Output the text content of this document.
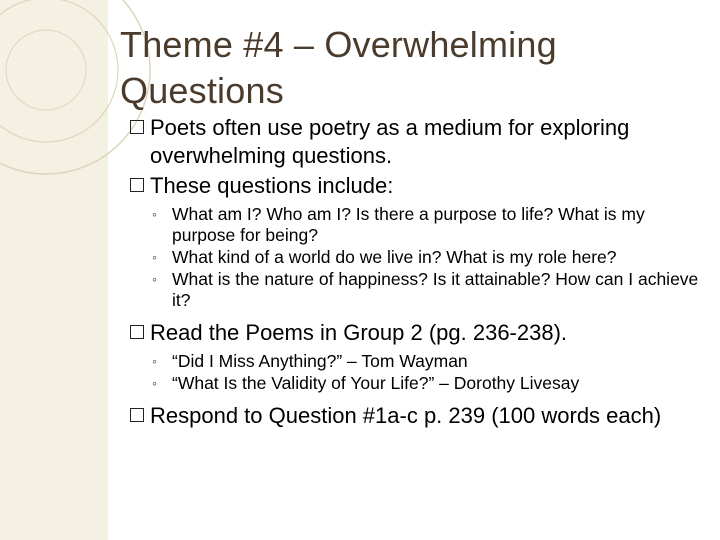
Theme #4 – Overwhelming Questions
Poets often use poetry as a medium for exploring overwhelming questions.
These questions include:
◦ What am I? Who am I? Is there a purpose to life? What is my purpose for being?
◦ What kind of a world do we live in? What is my role here?
◦ What is the nature of happiness? Is it attainable? How can I achieve it?
Read the Poems in Group 2 (pg. 236-238).
◦ “Did I Miss Anything?” – Tom Wayman
◦ “What Is the Validity of Your Life?” – Dorothy Livesay
Respond to Question #1a-c p. 239 (100 words each)
